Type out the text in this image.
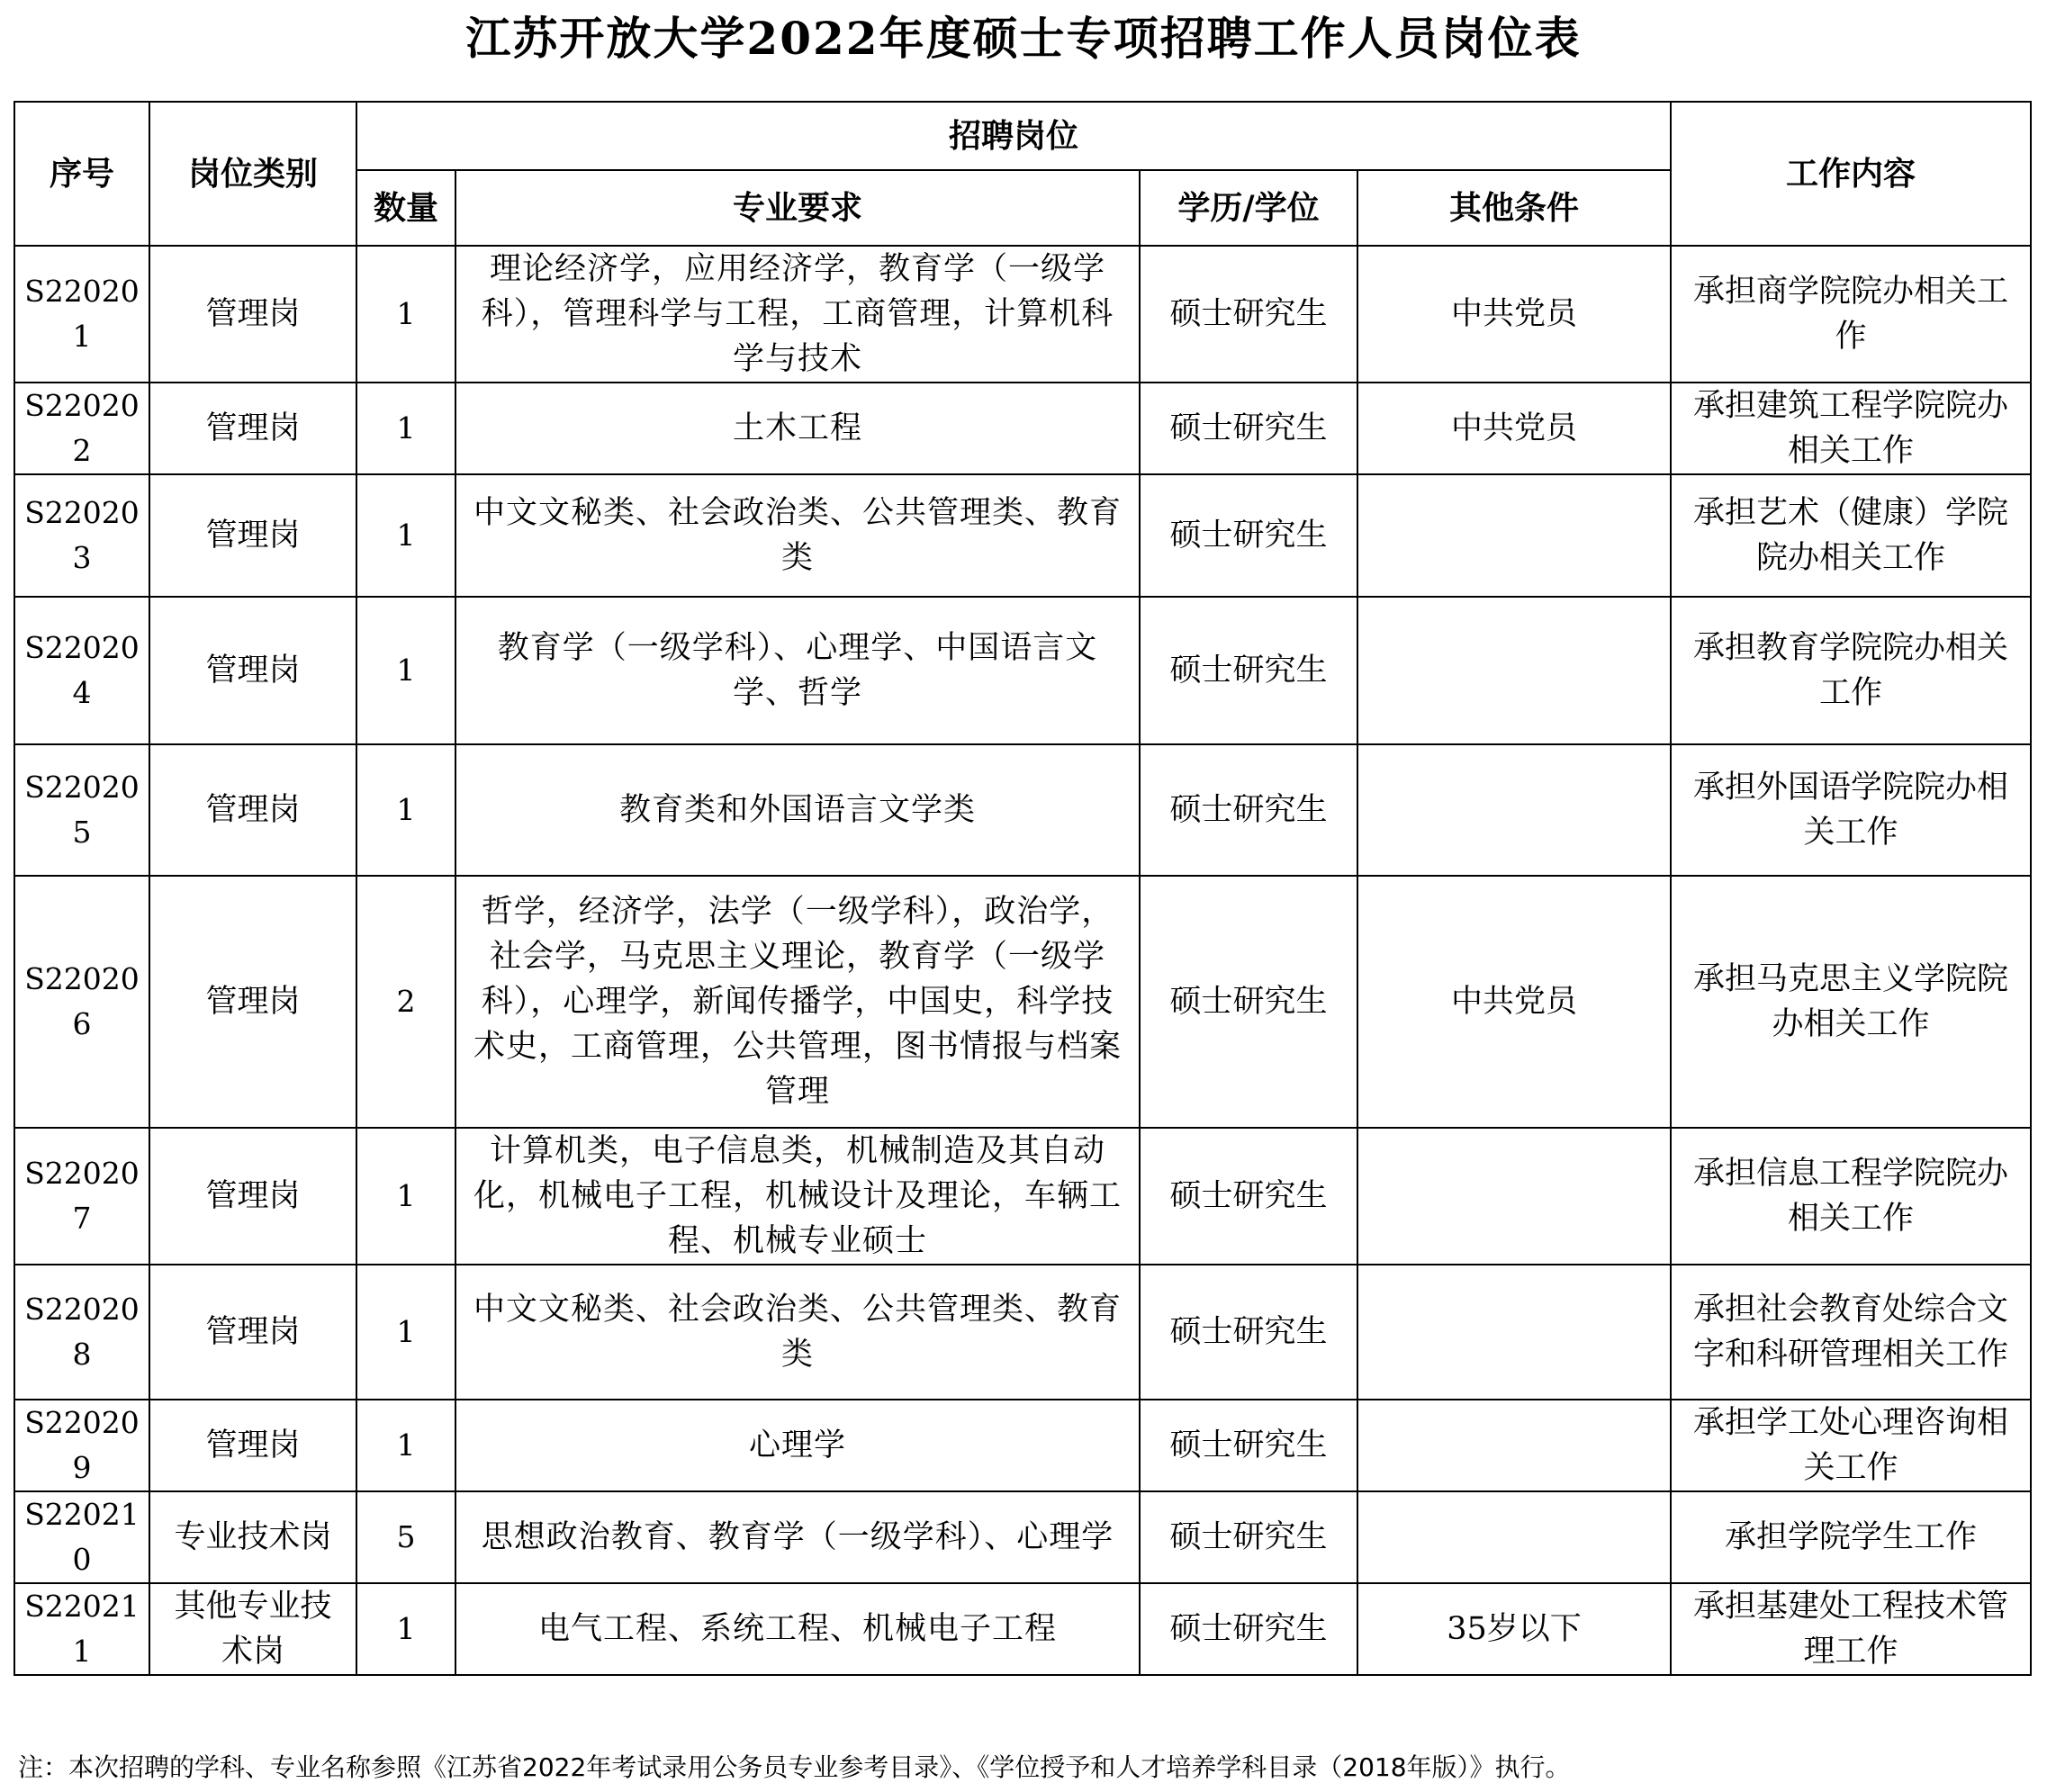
江苏开放大学2022年度硕士专项招聘工作人员岗位表
序号	岗位类别	招聘岗位				工作内容
		数量	专业要求	学历/学位	其他条件	
S220201	管理岗	1	理论经济学，应用经济学，教育学（一级学科），管理科学与工程，工商管理，计算机科学与技术	硕士研究生	中共党员	承担商学院院办相关工作
S220202	管理岗	1	土木工程	硕士研究生	中共党员	承担建筑工程学院院办相关工作
S220203	管理岗	1	中文文秘类、社会政治类、公共管理类、教育类	硕士研究生		承担艺术（健康）学院院办相关工作
S220204	管理岗	1	教育学（一级学科）、心理学、中国语言文学、哲学	硕士研究生		承担教育学院院办相关工作
S220205	管理岗	1	教育类和外国语言文学类	硕士研究生		承担外国语学院院办相关工作
S220206	管理岗	2	哲学，经济学，法学（一级学科），政治学，社会学，马克思主义理论，教育学（一级学科），心理学，新闻传播学，中国史，科学技术史，工商管理，公共管理，图书情报与档案管理	硕士研究生	中共党员	承担马克思主义学院院办相关工作
S220207	管理岗	1	计算机类，电子信息类，机械制造及其自动化，机械电子工程，机械设计及理论，车辆工程、机械专业硕士	硕士研究生		承担信息工程学院院办相关工作
S220208	管理岗	1	中文文秘类、社会政治类、公共管理类、教育类	硕士研究生		承担社会教育处综合文字和科研管理相关工作
S220209	管理岗	1	心理学	硕士研究生		承担学工处心理咨询相关工作
S220210	专业技术岗	5	思想政治教育、教育学（一级学科）、心理学	硕士研究生		承担学院学生工作
S220211	其他专业技术岗	1	电气工程、系统工程、机械电子工程	硕士研究生	35岁以下	承担基建处工程技术管理工作
注：本次招聘的学科、专业名称参照《江苏省2022年考试录用公务员专业参考目录》、《学位授予和人才培养学科目录（2018年版）》执行。
